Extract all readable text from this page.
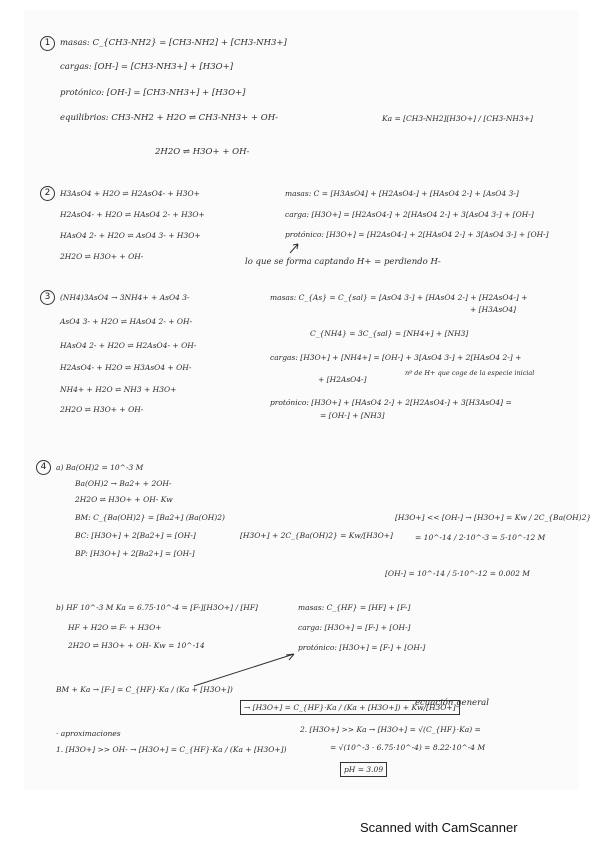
1	masas: C_{CH3-NH2} = [CH3-NH2] + [CH3-NH3+]
cargas: [OH-] = [CH3-NH3+] + [H3O+]
protónico: [OH-] = [CH3-NH3+] + [H3O+]
equilibrios: CH3-NH2 + H2O ⇌ CH3-NH3+ + OH-	Ka = [CH3-NH2][H3O+] / [CH3-NH3+]
2H2O ⇌ H3O+ + OH-
2	H3AsO4 + H2O ⇌ H2AsO4- + H3O+
H2AsO4- + H2O ⇌ HAsO4 2- + H3O+
HAsO4 2- + H2O ⇌ AsO4 3- + H3O+
2H2O ⇌ H3O+ + OH-
masas: C = [H3AsO4] + [H2AsO4-] + [HAsO4 2-] + [AsO4 3-]
carga: [H3O+] = [H2AsO4-] + 2[HAsO4 2-] + 3[AsO4 3-] + [OH-]
protónico: [H3O+] = [H2AsO4-] + 2[HAsO4 2-] + 3[AsO4 3-] + [OH-]
lo que se forma captando H+ = perdiendo H-
3	(NH4)3AsO4 → 3NH4+ + AsO4 3-
AsO4 3- + H2O ⇌ HAsO4 2- + OH-
HAsO4 2- + H2O ⇌ H2AsO4- + OH-
H2AsO4- + H2O ⇌ H3AsO4 + OH-
NH4+ + H2O ⇌ NH3 + H3O+
2H2O ⇌ H3O+ + OH-
masas: C_{As} = C_{sal} = [AsO4 3-] + [HAsO4 2-] + [H2AsO4-] +
+ [H3AsO4]
C_{NH4} = 3C_{sal} = [NH4+] + [NH3]
cargas: [H3O+] + [NH4+] = [OH-] + 3[AsO4 3-] + 2[HAsO4 2-] +
+ [H2AsO4-]
nº de H+ que coge de la especie inicial
protónico: [H3O+] + [HAsO4 2-] + 2[H2AsO4-] + 3[H3AsO4] =
= [OH-] + [NH3]
4	a) Ba(OH)2 = 10^-3 M
Ba(OH)2 → Ba2+ + 2OH-
2H2O ⇌ H3O+ + OH- Kw
BM: C_{Ba(OH)2} = [Ba2+] (Ba(OH)2)
BC: [H3O+] + 2[Ba2+] = [OH-]
BP: [H3O+] + 2[Ba2+] = [OH-]
[H3O+] + 2C_{Ba(OH)2} = Kw/[H3O+]
[H3O+] << [OH-] → [H3O+] = Kw / 2C_{Ba(OH)2}
= 10^-14 / 2·10^-3 = 5·10^-12 M
[OH-] = 10^-14 / 5·10^-12 = 0.002 M
b) HF 10^-3 M Ka = 6.75·10^-4 = [F-][H3O+] / [HF]
HF + H2O ⇌ F- + H3O+
2H2O ⇌ H3O+ + OH- Kw = 10^-14
masas: C_{HF} = [HF] + [F-]
carga: [H3O+] = [F-] + [OH-]
protónico: [H3O+] = [F-] + [OH-]
BM + Ka → [F-] = C_{HF}·Ka / (Ka + [H3O+])
→ [H3O+] = C_{HF}·Ka / (Ka + [H3O+]) + Kw/[H3O+]
ecuación general
· aproximaciones
1. [H3O+] >> OH- → [H3O+] = C_{HF}·Ka / (Ka + [H3O+])
2. [H3O+] >> Ka → [H3O+] = √(C_{HF}·Ka) =
= √(10^-3 · 6.75·10^-4) = 8.22·10^-4 M
pH = 3.09
Scanned with CamScanner
